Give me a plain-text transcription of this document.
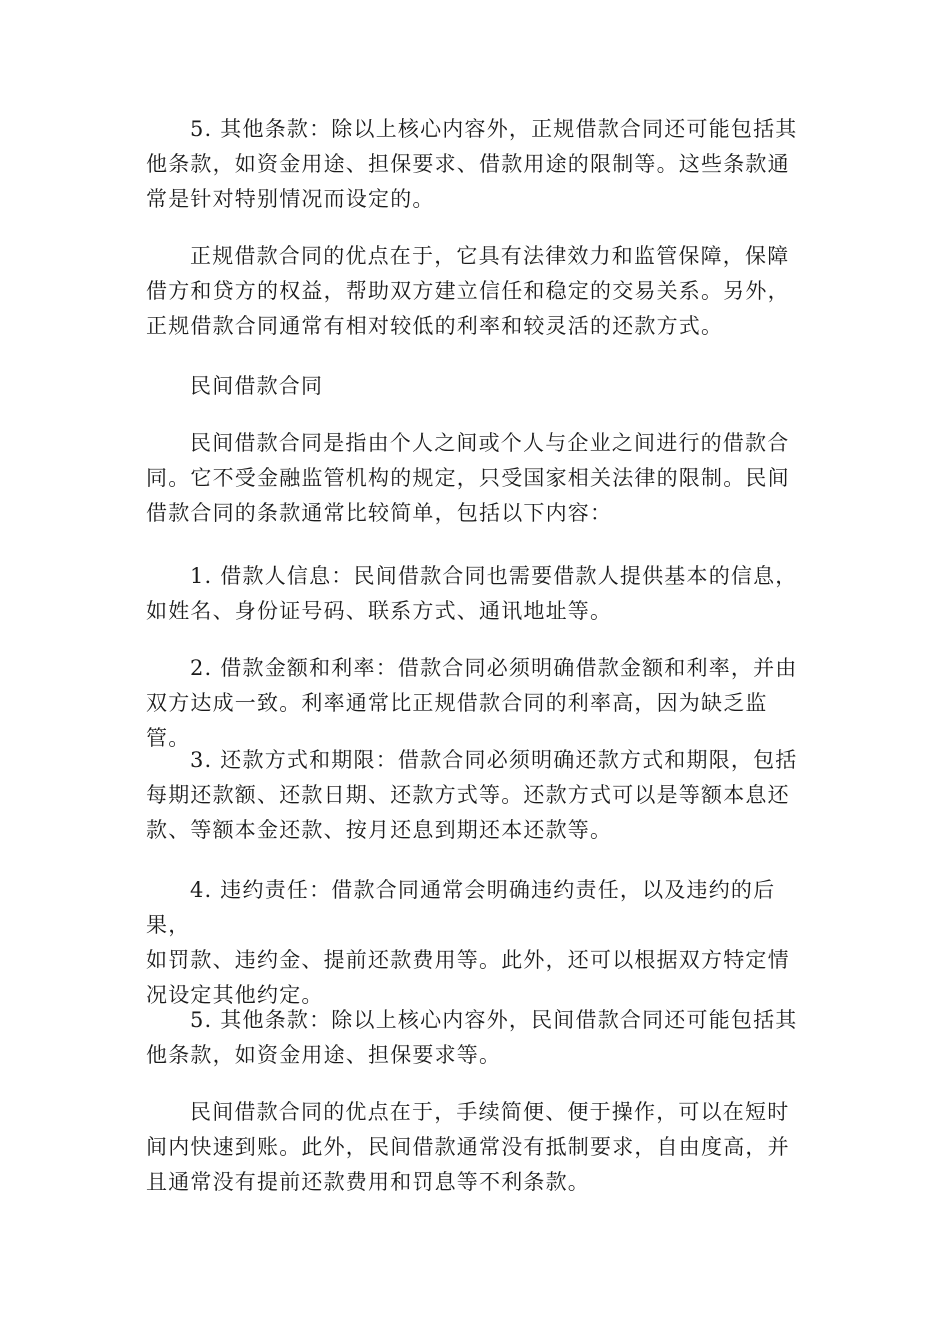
5. 其他条款：除以上核心内容外，正规借款合同还可能包括其
他条款，如资金用途、担保要求、借款用途的限制等。这些条款通
常是针对特别情况而设定的。

正规借款合同的优点在于，它具有法律效力和监管保障，保障
借方和贷方的权益，帮助双方建立信任和稳定的交易关系。另外，
正规借款合同通常有相对较低的利率和较灵活的还款方式。

民间借款合同

民间借款合同是指由个人之间或个人与企业之间进行的借款合
同。它不受金融监管机构的规定，只受国家相关法律的限制。民间
借款合同的条款通常比较简单，包括以下内容：

1. 借款人信息：民间借款合同也需要借款人提供基本的信息，
如姓名、身份证号码、联系方式、通讯地址等。

2. 借款金额和利率：借款合同必须明确借款金额和利率，并由
双方达成一致。利率通常比正规借款合同的利率高，因为缺乏监管。

3. 还款方式和期限：借款合同必须明确还款方式和期限，包括
每期还款额、还款日期、还款方式等。还款方式可以是等额本息还
款、等额本金还款、按月还息到期还本还款等。

4. 违约责任：借款合同通常会明确违约责任，以及违约的后果，
如罚款、违约金、提前还款费用等。此外，还可以根据双方特定情
况设定其他约定。

5. 其他条款：除以上核心内容外，民间借款合同还可能包括其
他条款，如资金用途、担保要求等。

民间借款合同的优点在于，手续简便、便于操作，可以在短时
间内快速到账。此外，民间借款通常没有抵制要求，自由度高，并
且通常没有提前还款费用和罚息等不利条款。
